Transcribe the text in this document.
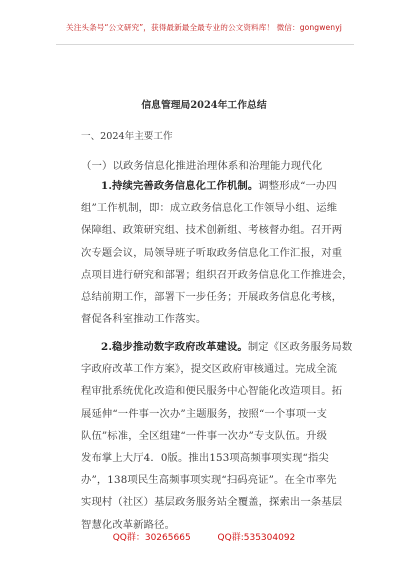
关注头条号“公文研究”，获得最新最全最专业的公文资料库！ 微信：gongwenyj
信息管理局2024年工作总结
一、2024年主要工作
（一）以政务信息化推进治理体系和治理能力现代化
1.持续完善政务信息化工作机制。调整形成“一办四
组”工作机制，即：成立政务信息化工作领导小组、运维
保障组、政策研究组、技术创新组、考核督办组。召开两
次专题会议，局领导班子听取政务信息化工作汇报，对重
点项目进行研究和部署；组织召开政务信息化工作推进会，
总结前期工作，部署下一步任务；开展政务信息化考核，
督促各科室推动工作落实。
2.稳步推动数字政府改革建设。制定《区政务服务局数
字政府改革工作方案》，提交区政府审核通过。完成全流
程审批系统优化改造和便民服务中心智能化改造项目。拓
展延伸“一件事一次办”主题服务，按照“一个事项一支
队伍”标准，全区组建“一件事一次办”专支队伍。升级
发布掌上大厅4．0版。推出153项高频事项实现“指尖
办”，138项民生高频事项实现“扫码亮证”。在全市率先
实现村（社区）基层政务服务站全覆盖，探索出一条基层
智慧化改革新路径。
QQ群：30265665	QQ群:535304092
